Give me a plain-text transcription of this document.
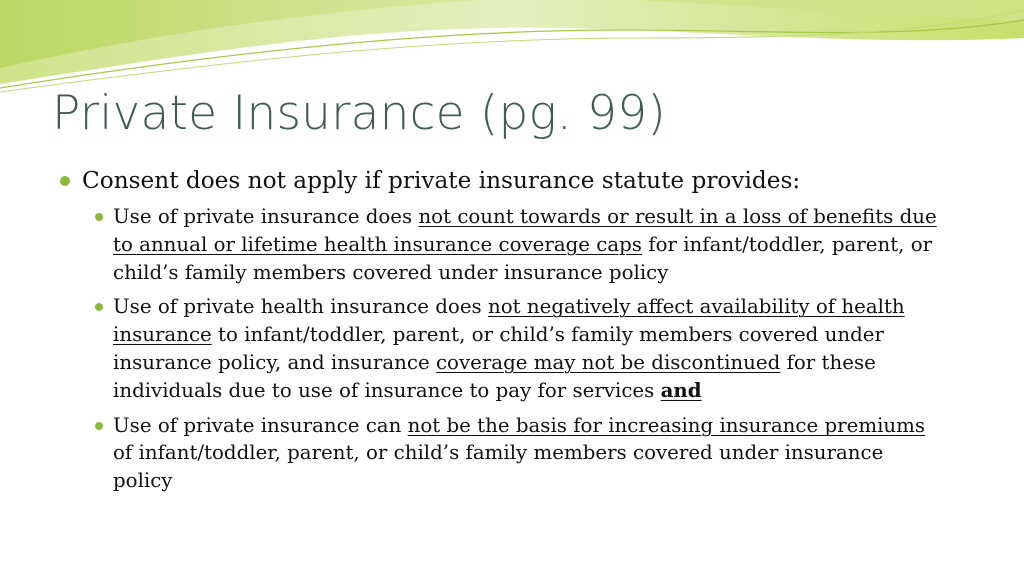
Private Insurance (pg. 99)

Consent does not apply if private insurance statute provides:

Use of private insurance does not count towards or result in a loss of benefits due to annual or lifetime health insurance coverage caps for infant/toddler, parent, or child’s family members covered under insurance policy
Use of private health insurance does not negatively affect availability of health insurance to infant/toddler, parent, or child’s family members covered under insurance policy, and insurance coverage may not be discontinued for these individuals due to use of insurance to pay for services and
Use of private insurance can not be the basis for increasing insurance premiums of infant/toddler, parent, or child’s family members covered under insurance policy
